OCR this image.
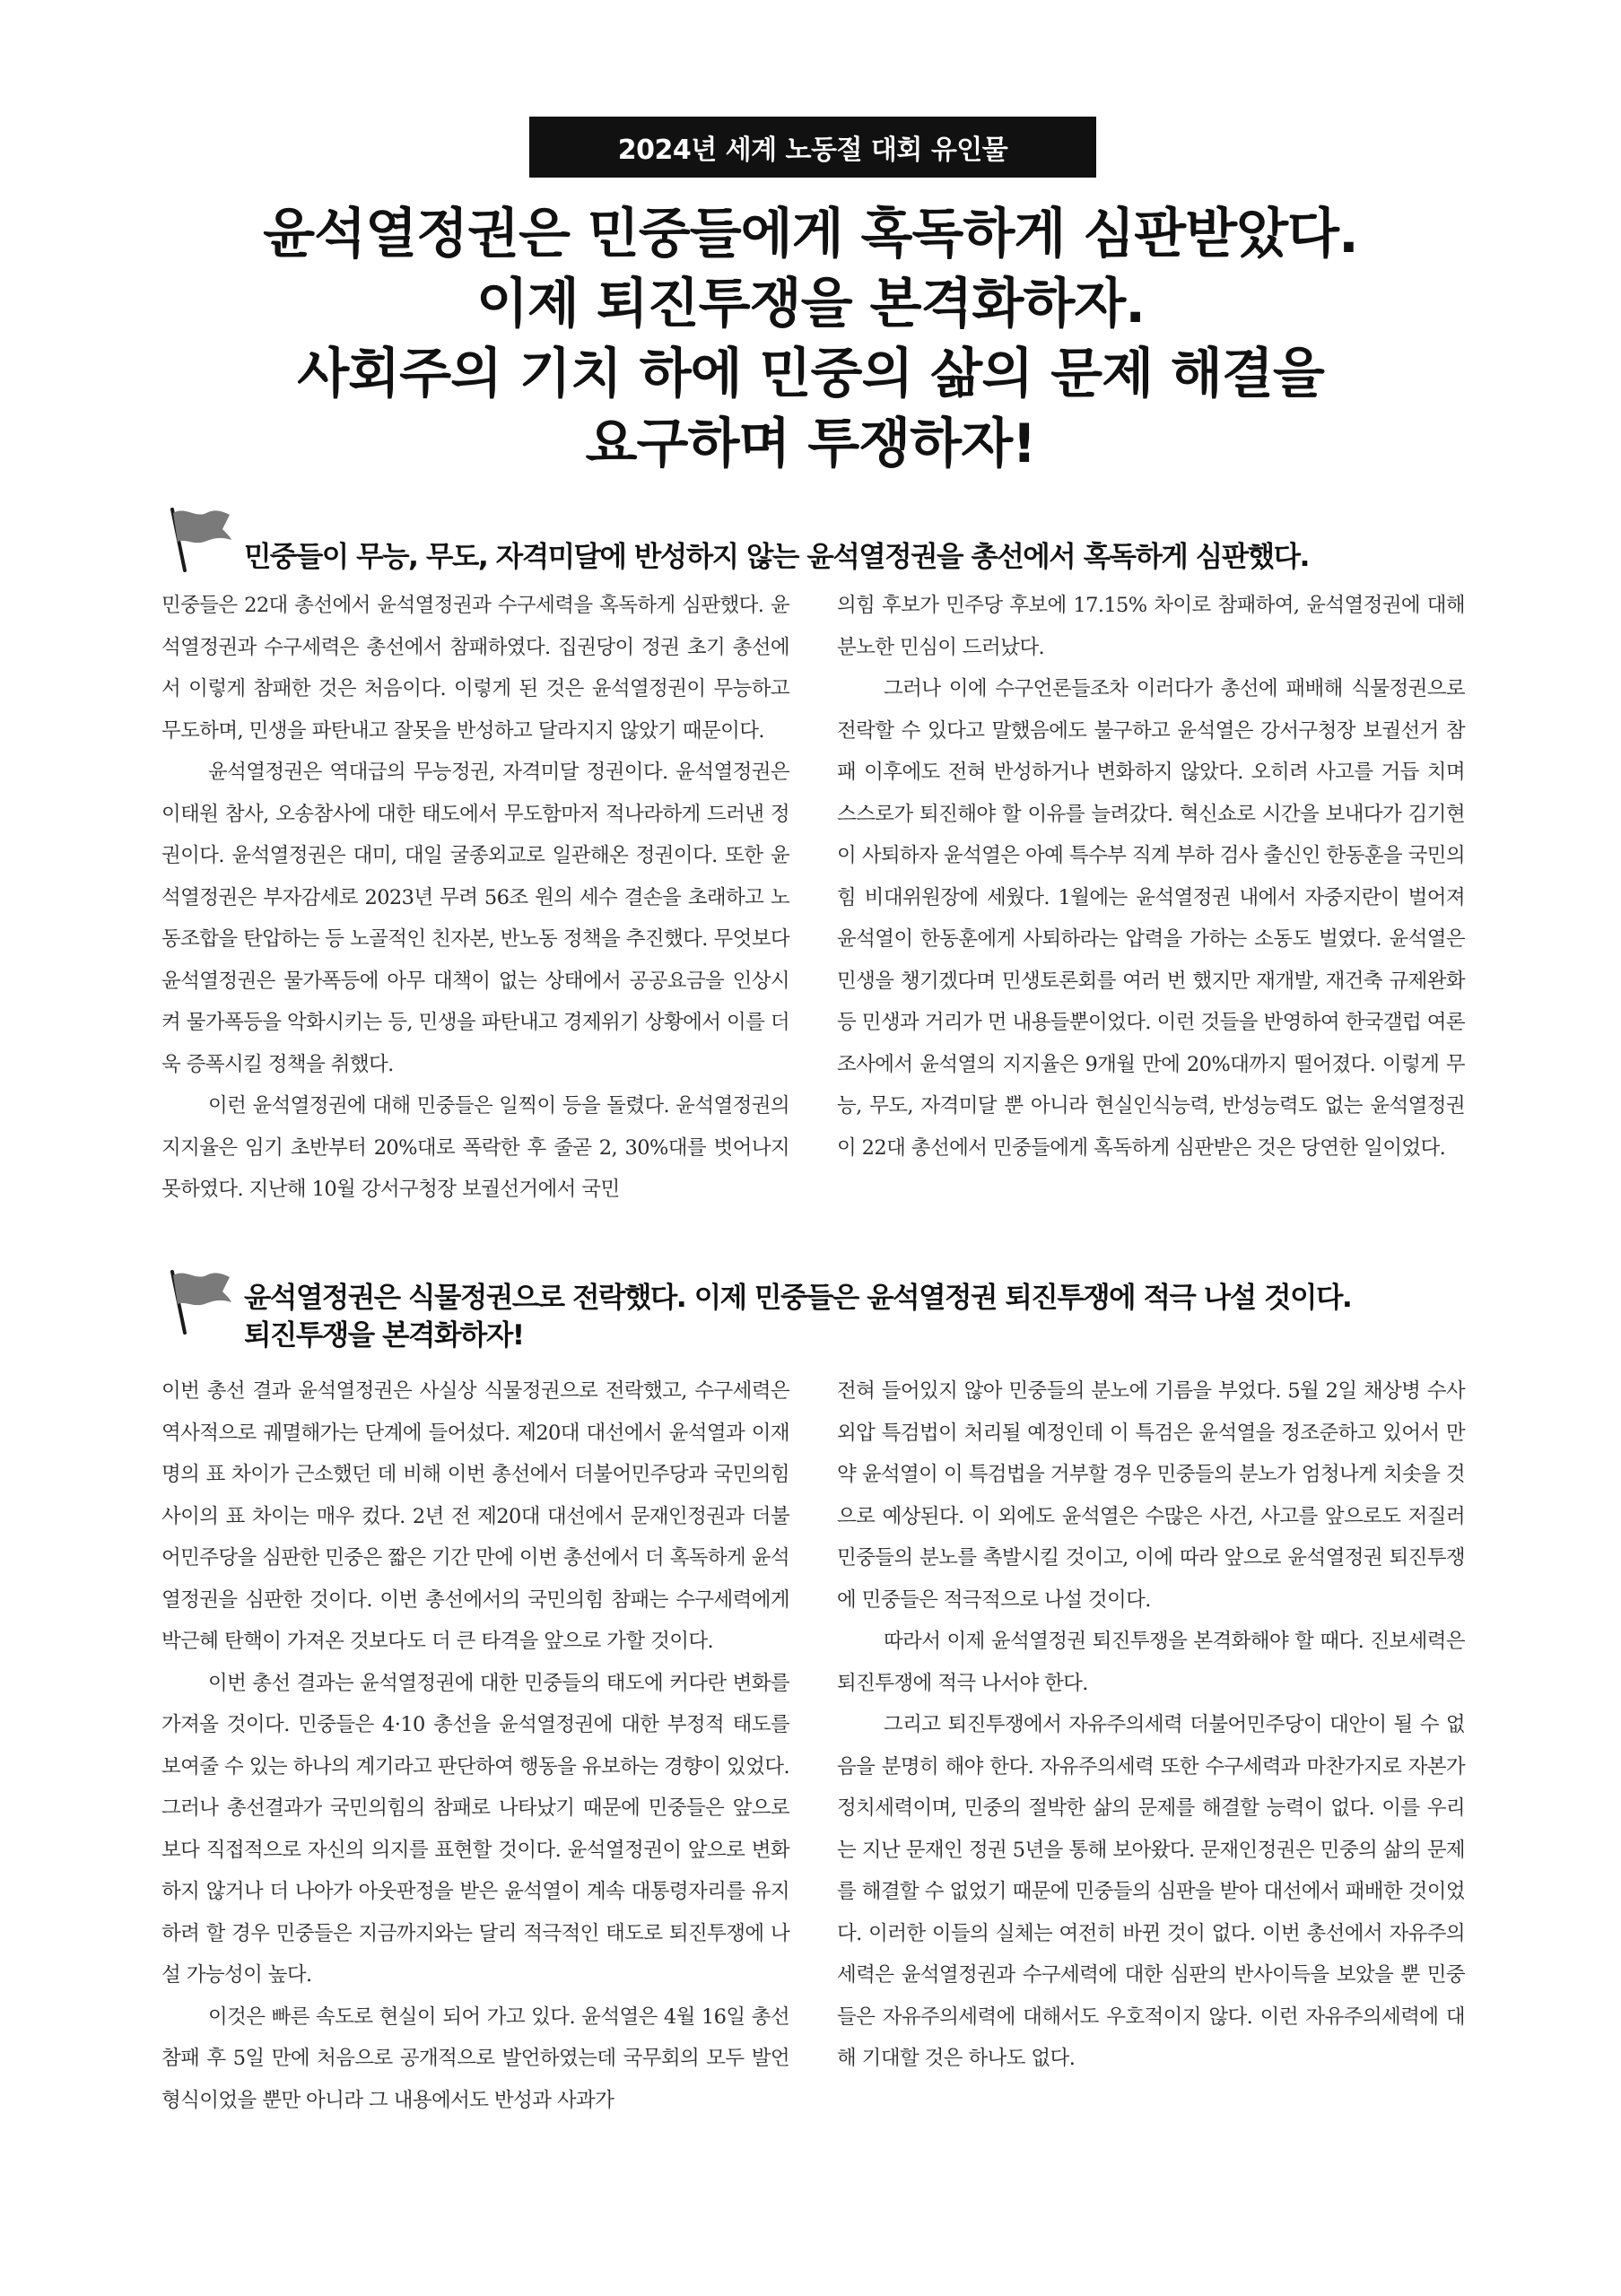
2024년 세계 노동절 대회 유인물
윤석열정권은 민중들에게 혹독하게 심판받았다.
이제 퇴진투쟁을 본격화하자.
사회주의 기치 하에 민중의 삶의 문제 해결을
요구하며 투쟁하자!
민중들이 무능, 무도, 자격미달에 반성하지 않는 윤석열정권을 총선에서 혹독하게 심판했다.

민중들은 22대 총선에서 윤석열정권과 수구세력을 혹독하게 심판했다. 윤석열정권과 수구세력은 총선에서 참패하였다. 집권당이 정권 초기 총선에서 이렇게 참패한 것은 처음이다. 이렇게 된 것은 윤석열정권이 무능하고 무도하며, 민생을 파탄내고 잘못을 반성하고 달라지지 않았기 때문이다.

윤석열정권은 역대급의 무능정권, 자격미달 정권이다. 윤석열정권은 이태원 참사, 오송참사에 대한 태도에서 무도함마저 적나라하게 드러낸 정권이다. 윤석열정권은 대미, 대일 굴종외교로 일관해온 정권이다. 또한 윤석열정권은 부자감세로 2023년 무려 56조 원의 세수 결손을 초래하고 노동조합을 탄압하는 등 노골적인 친자본, 반노동 정책을 추진했다. 무엇보다 윤석열정권은 물가폭등에 아무 대책이 없는 상태에서 공공요금을 인상시켜 물가폭등을 악화시키는 등, 민생을 파탄내고 경제위기 상황에서 이를 더욱 증폭시킬 정책을 취했다.

이런 윤석열정권에 대해 민중들은 일찍이 등을 돌렸다. 윤석열정권의 지지율은 임기 초반부터 20%대로 폭락한 후 줄곧 2, 30%대를 벗어나지 못하였다. 지난해 10월 강서구청장 보궐선거에서 국민

의힘 후보가 민주당 후보에 17.15% 차이로 참패하여, 윤석열정권에 대해 분노한 민심이 드러났다.

그러나 이에 수구언론들조차 이러다가 총선에 패배해 식물정권으로 전락할 수 있다고 말했음에도 불구하고 윤석열은 강서구청장 보궐선거 참패 이후에도 전혀 반성하거나 변화하지 않았다. 오히려 사고를 거듭 치며 스스로가 퇴진해야 할 이유를 늘려갔다. 혁신쇼로 시간을 보내다가 김기현이 사퇴하자 윤석열은 아예 특수부 직계 부하 검사 출신인 한동훈을 국민의힘 비대위원장에 세웠다. 1월에는 윤석열정권 내에서 자중지란이 벌어져 윤석열이 한동훈에게 사퇴하라는 압력을 가하는 소동도 벌였다. 윤석열은 민생을 챙기겠다며 민생토론회를 여러 번 했지만 재개발, 재건축 규제완화 등 민생과 거리가 먼 내용들뿐이었다. 이런 것들을 반영하여 한국갤럽 여론조사에서 윤석열의 지지율은 9개월 만에 20%대까지 떨어졌다. 이렇게 무능, 무도, 자격미달 뿐 아니라 현실인식능력, 반성능력도 없는 윤석열정권이 22대 총선에서 민중들에게 혹독하게 심판받은 것은 당연한 일이었다.

윤석열정권은 식물정권으로 전락했다. 이제 민중들은 윤석열정권 퇴진투쟁에 적극 나설 것이다.
퇴진투쟁을 본격화하자!

이번 총선 결과 윤석열정권은 사실상 식물정권으로 전락했고, 수구세력은 역사적으로 궤멸해가는 단계에 들어섰다. 제20대 대선에서 윤석열과 이재명의 표 차이가 근소했던 데 비해 이번 총선에서 더불어민주당과 국민의힘 사이의 표 차이는 매우 컸다. 2년 전 제20대 대선에서 문재인정권과 더불어민주당을 심판한 민중은 짧은 기간 만에 이번 총선에서 더 혹독하게 윤석열정권을 심판한 것이다. 이번 총선에서의 국민의힘 참패는 수구세력에게 박근혜 탄핵이 가져온 것보다도 더 큰 타격을 앞으로 가할 것이다.

이번 총선 결과는 윤석열정권에 대한 민중들의 태도에 커다란 변화를 가져올 것이다. 민중들은 4·10 총선을 윤석열정권에 대한 부정적 태도를 보여줄 수 있는 하나의 계기라고 판단하여 행동을 유보하는 경향이 있었다. 그러나 총선결과가 국민의힘의 참패로 나타났기 때문에 민중들은 앞으로 보다 직접적으로 자신의 의지를 표현할 것이다. 윤석열정권이 앞으로 변화하지 않거나 더 나아가 아웃판정을 받은 윤석열이 계속 대통령자리를 유지하려 할 경우 민중들은 지금까지와는 달리 적극적인 태도로 퇴진투쟁에 나설 가능성이 높다.

이것은 빠른 속도로 현실이 되어 가고 있다. 윤석열은 4월 16일 총선 참패 후 5일 만에 처음으로 공개적으로 발언하였는데 국무회의 모두 발언 형식이었을 뿐만 아니라 그 내용에서도 반성과 사과가

전혀 들어있지 않아 민중들의 분노에 기름을 부었다. 5월 2일 채상병 수사외압 특검법이 처리될 예정인데 이 특검은 윤석열을 정조준하고 있어서 만약 윤석열이 이 특검법을 거부할 경우 민중들의 분노가 엄청나게 치솟을 것으로 예상된다. 이 외에도 윤석열은 수많은 사건, 사고를 앞으로도 저질러 민중들의 분노를 촉발시킬 것이고, 이에 따라 앞으로 윤석열정권 퇴진투쟁에 민중들은 적극적으로 나설 것이다.

따라서 이제 윤석열정권 퇴진투쟁을 본격화해야 할 때다. 진보세력은 퇴진투쟁에 적극 나서야 한다.

그리고 퇴진투쟁에서 자유주의세력 더불어민주당이 대안이 될 수 없음을 분명히 해야 한다. 자유주의세력 또한 수구세력과 마찬가지로 자본가 정치세력이며, 민중의 절박한 삶의 문제를 해결할 능력이 없다. 이를 우리는 지난 문재인 정권 5년을 통해 보아왔다. 문재인정권은 민중의 삶의 문제를 해결할 수 없었기 때문에 민중들의 심판을 받아 대선에서 패배한 것이었다. 이러한 이들의 실체는 여전히 바뀐 것이 없다. 이번 총선에서 자유주의세력은 윤석열정권과 수구세력에 대한 심판의 반사이득을 보았을 뿐 민중들은 자유주의세력에 대해서도 우호적이지 않다. 이런 자유주의세력에 대해 기대할 것은 하나도 없다.
